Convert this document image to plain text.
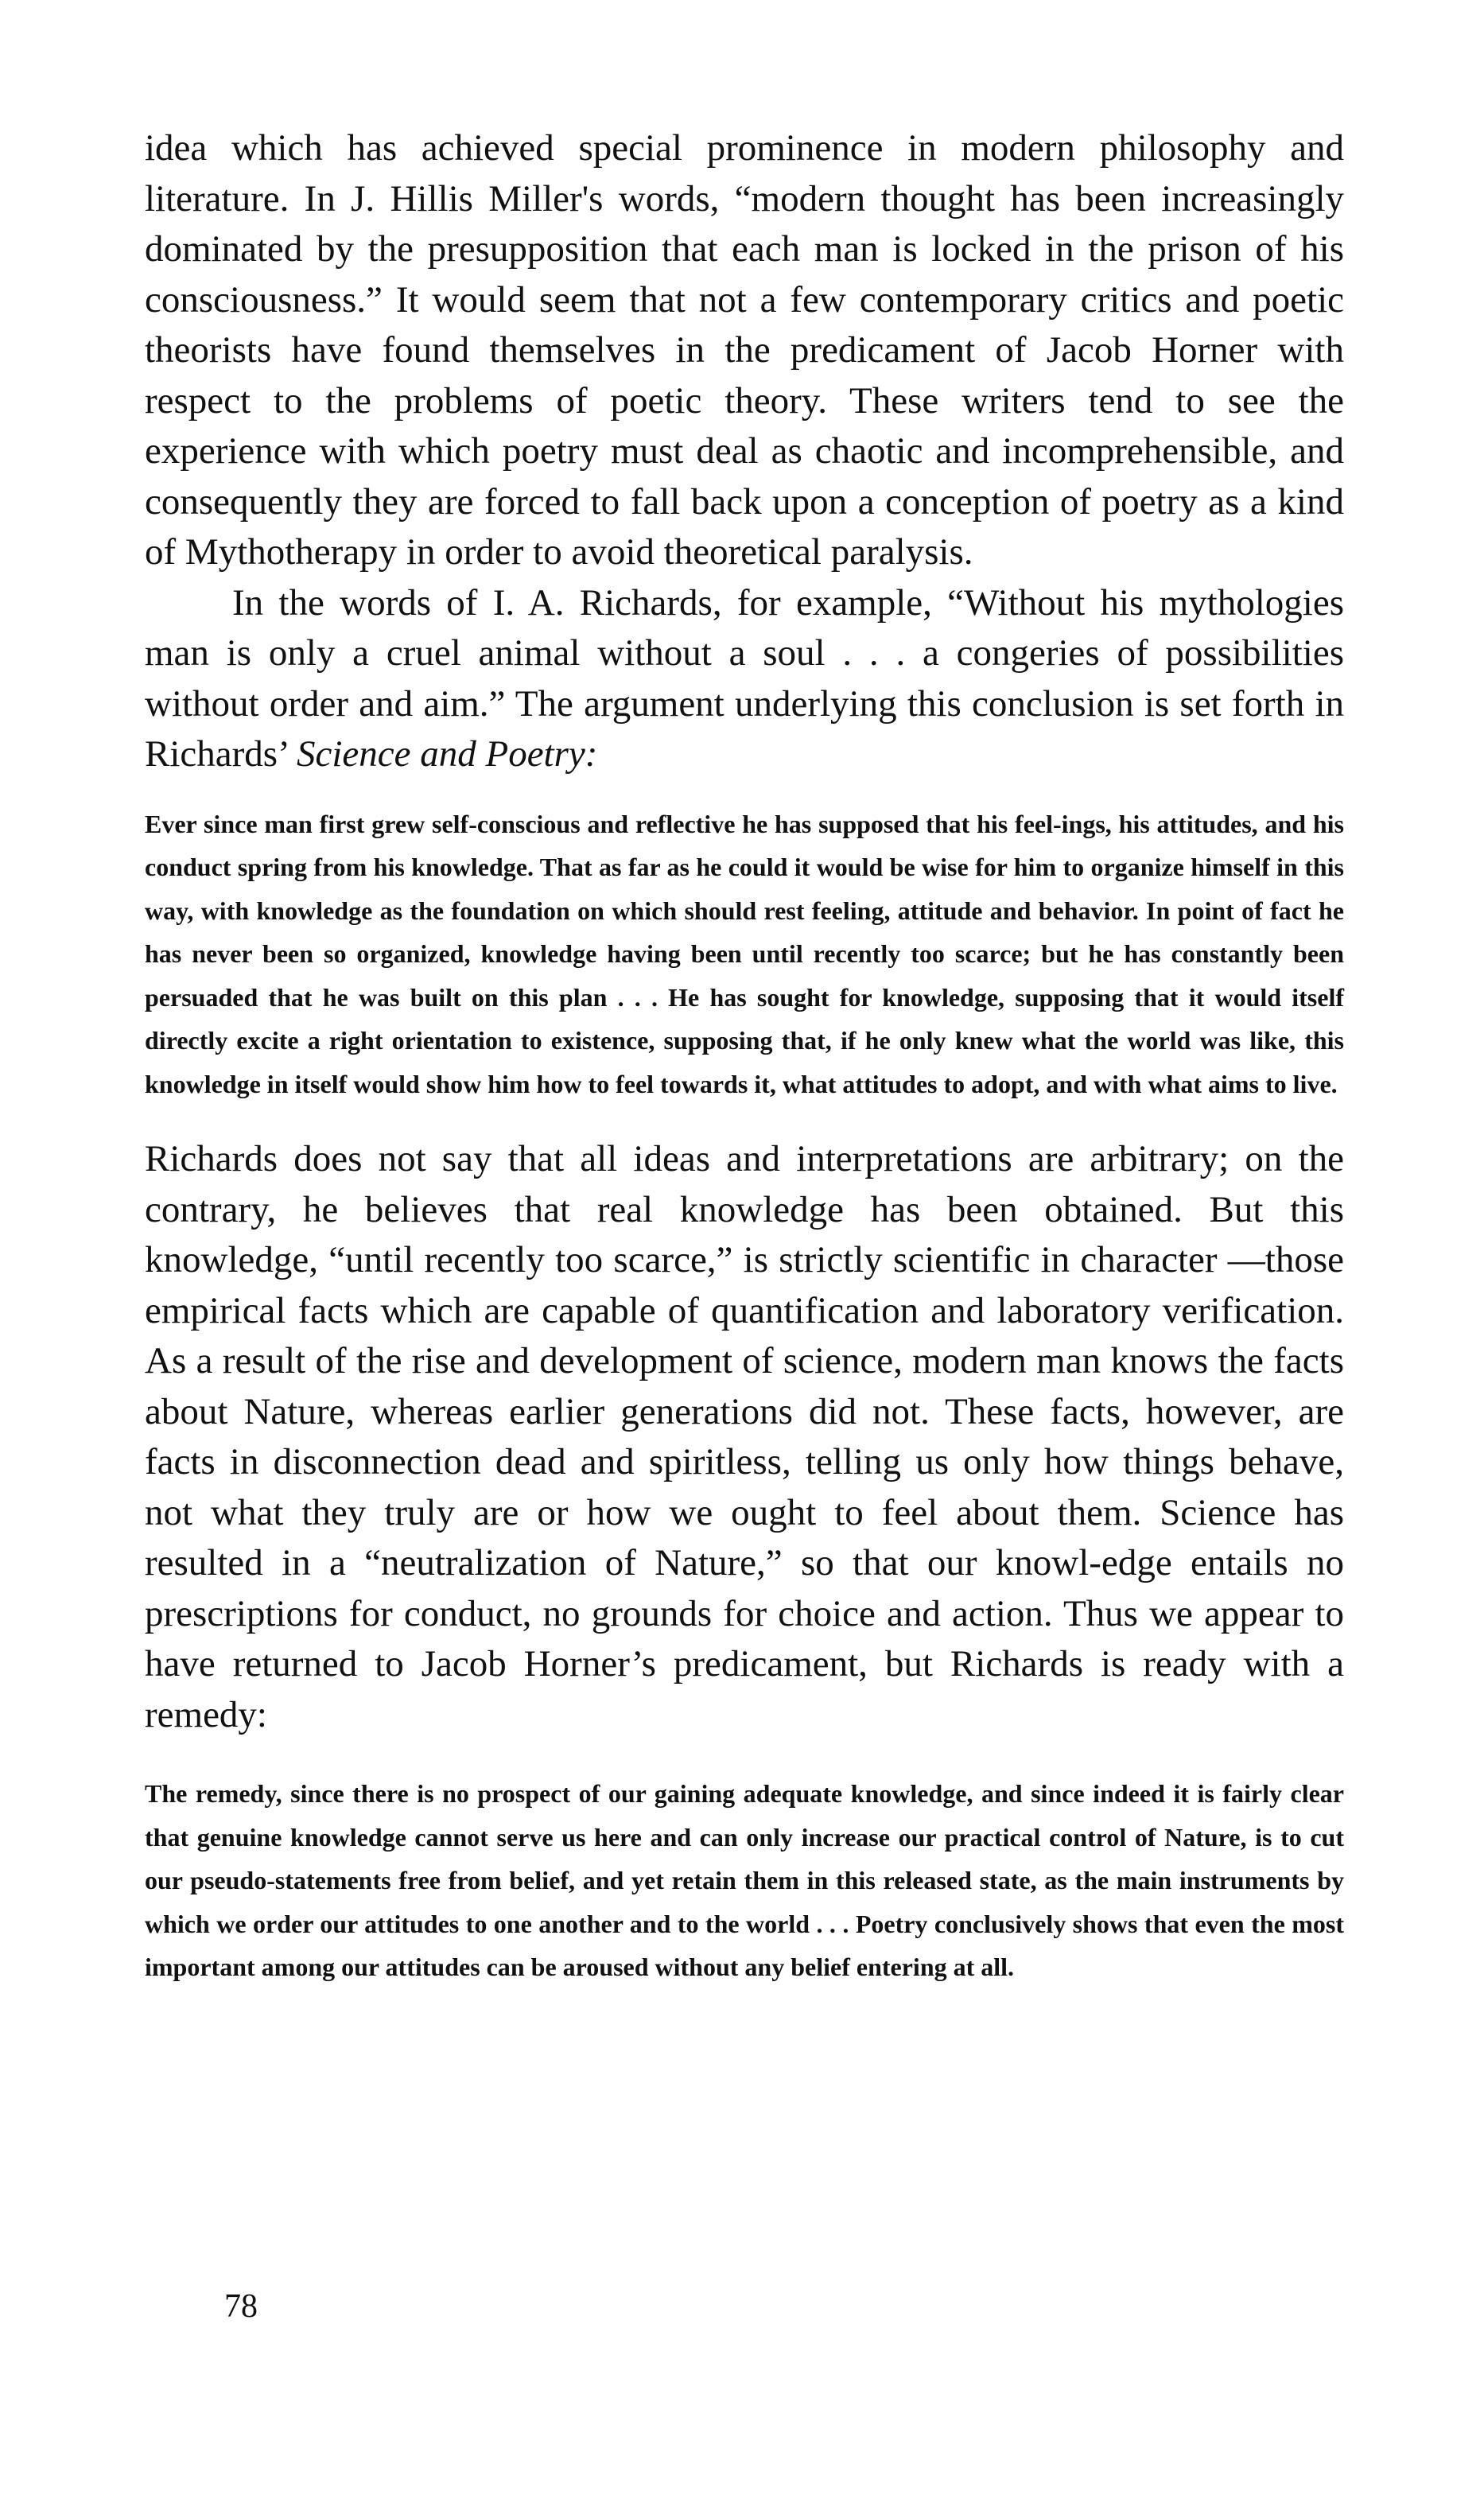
idea which has achieved special prominence in modern philosophy and literature. In J. Hillis Miller's words, “modern thought has been increasingly dominated by the presupposition that each man is locked in the prison of his consciousness.” It would seem that not a few contemporary critics and poetic theorists have found themselves in the predicament of Jacob Horner with respect to the problems of poetic theory. These writers tend to see the experience with which poetry must deal as chaotic and incomprehensible, and consequently they are forced to fall back upon a conception of poetry as a kind of Mythotherapy in order to avoid theoretical paralysis.

In the words of I. A. Richards, for example, “Without his mythologies man is only a cruel animal without a soul . . . a congeries of possibilities without order and aim.” The argument underlying this conclusion is set forth in Richards’ Science and Poetry:

Ever since man first grew self-conscious and reflective he has supposed that his feel-ings, his attitudes, and his conduct spring from his knowledge. That as far as he could it would be wise for him to organize himself in this way, with knowledge as the foundation on which should rest feeling, attitude and behavior. In point of fact he has never been so organized, knowledge having been until recently too scarce; but he has constantly been persuaded that he was built on this plan . . . He has sought for knowledge, supposing that it would itself directly excite a right orientation to existence, supposing that, if he only knew what the world was like, this knowledge in itself would show him how to feel towards it, what attitudes to adopt, and with what aims to live.

Richards does not say that all ideas and interpretations are arbitrary; on the contrary, he believes that real knowledge has been obtained. But this knowledge, “until recently too scarce,” is strictly scientific in character —those empirical facts which are capable of quantification and laboratory verification. As a result of the rise and development of science, modern man knows the facts about Nature, whereas earlier generations did not. These facts, however, are facts in disconnection dead and spiritless, telling us only how things behave, not what they truly are or how we ought to feel about them. Science has resulted in a “neutralization of Nature,” so that our knowl-edge entails no prescriptions for conduct, no grounds for choice and action. Thus we appear to have returned to Jacob Horner’s predicament, but Richards is ready with a remedy:

The remedy, since there is no prospect of our gaining adequate knowledge, and since indeed it is fairly clear that genuine knowledge cannot serve us here and can only increase our practical control of Nature, is to cut our pseudo-statements free from belief, and yet retain them in this released state, as the main instruments by which we order our attitudes to one another and to the world . . . Poetry conclusively shows that even the most important among our attitudes can be aroused without any belief entering at all.

78
